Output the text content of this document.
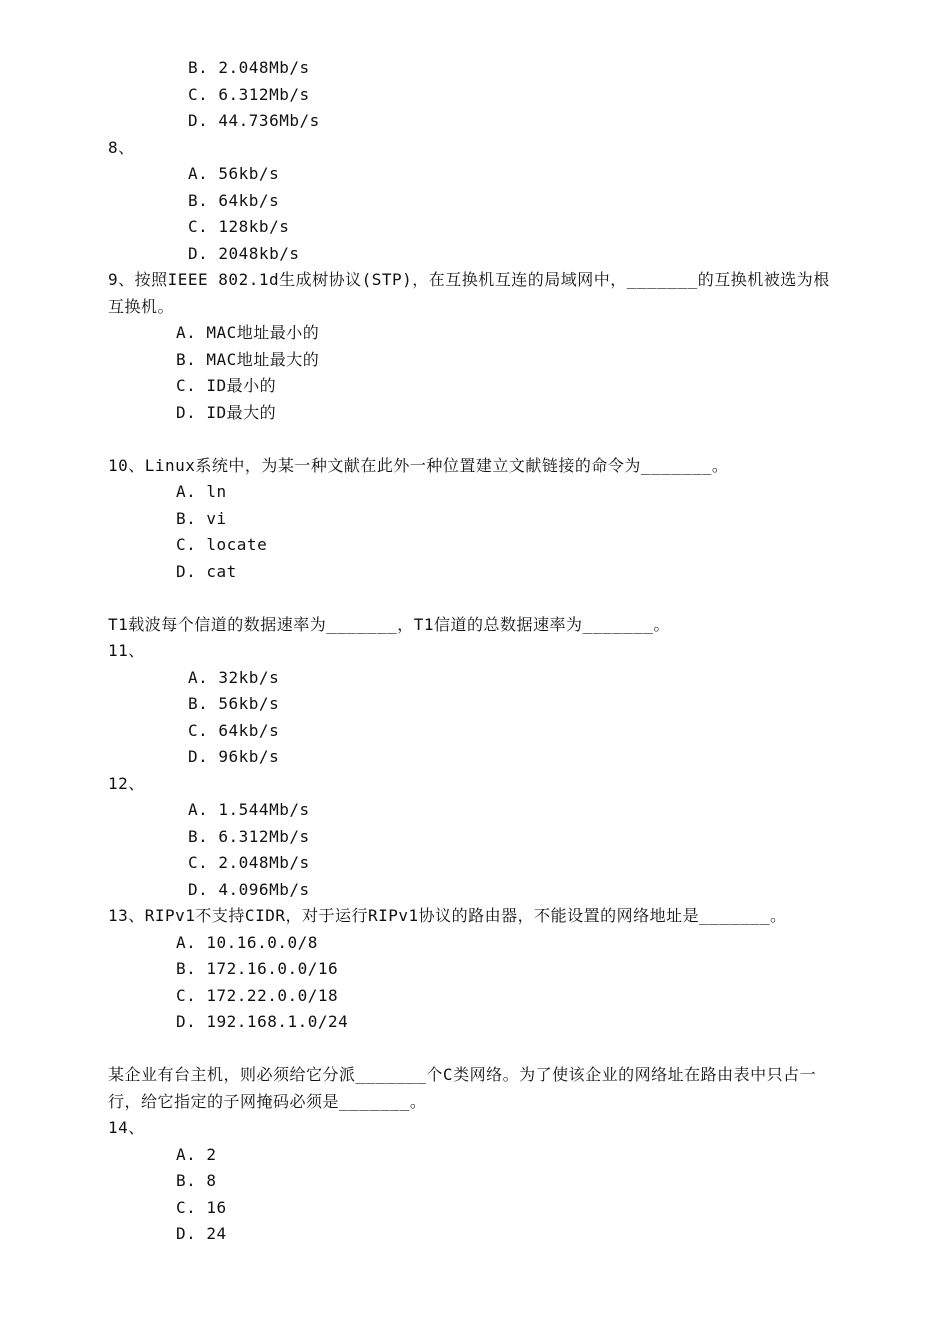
B. 2.048Mb/s
C. 6.312Mb/s
D. 44.736Mb/s
8、
A. 56kb/s
B. 64kb/s
C. 128kb/s
D. 2048kb/s
9、按照IEEE 802.1d生成树协议(STP)，在互换机互连的局域网中，_______的互换机被选为根互换机。
A. MAC地址最小的
B. MAC地址最大的
C. ID最小的
D. ID最大的
10、Linux系统中，为某一种文献在此外一种位置建立文献链接的命令为_______。
A. ln
B. vi
C. locate
D. cat
T1载波每个信道的数据速率为_______，T1信道的总数据速率为_______。
11、
A. 32kb/s
B. 56kb/s
C. 64kb/s
D. 96kb/s
12、
A. 1.544Mb/s
B. 6.312Mb/s
C. 2.048Mb/s
D. 4.096Mb/s
13、RIPv1不支持CIDR，对于运行RIPv1协议的路由器，不能设置的网络地址是_______。
A. 10.16.0.0/8
B. 172.16.0.0/16
C. 172.22.0.0/18
D. 192.168.1.0/24
某企业有台主机，则必须给它分派_______个C类网络。为了使该企业的网络址在路由表中只占一行，给它指定的子网掩码必须是_______。
14、
A. 2
B. 8
C. 16
D. 24
